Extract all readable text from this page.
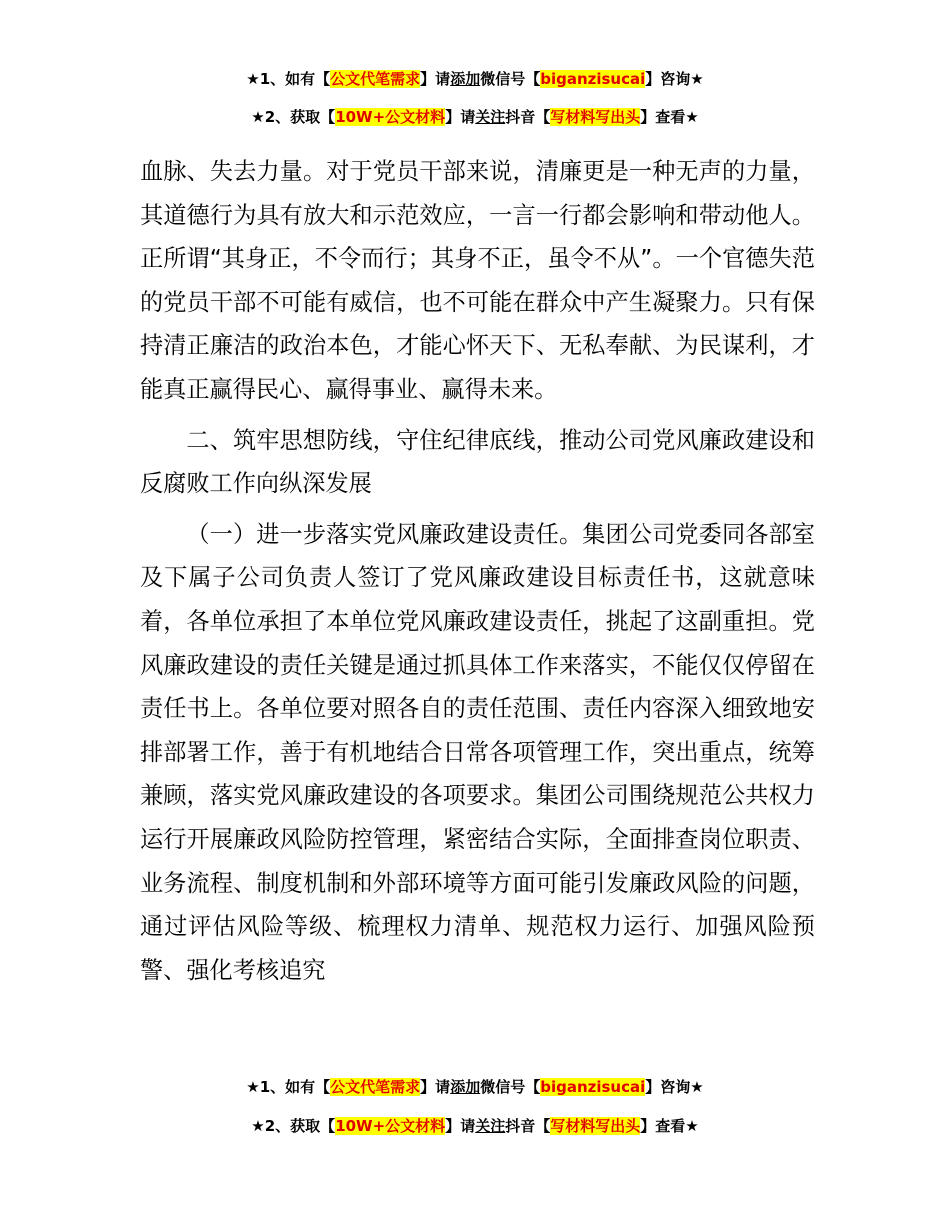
★1、如有【公文代笔需求】请添加微信号【biganzisucai】咨询★
★2、获取【10W+公文材料】请关注抖音【写材料写出头】查看★

血脉、失去力量。对于党员干部来说，清廉更是一种无声的力量，其道德行为具有放大和示范效应，一言一行都会影响和带动他人。正所谓“其身正，不令而行；其身不正，虽令不从”。一个官德失范的党员干部不可能有威信，也不可能在群众中产生凝聚力。只有保持清正廉洁的政治本色，才能心怀天下、无私奉献、为民谋利，才能真正赢得民心、赢得事业、赢得未来。

二、筑牢思想防线，守住纪律底线，推动公司党风廉政建设和反腐败工作向纵深发展

（一）进一步落实党风廉政建设责任。集团公司党委同各部室及下属子公司负责人签订了党风廉政建设目标责任书，这就意味着，各单位承担了本单位党风廉政建设责任，挑起了这副重担。党风廉政建设的责任关键是通过抓具体工作来落实，不能仅仅停留在责任书上。各单位要对照各自的责任范围、责任内容深入细致地安排部署工作，善于有机地结合日常各项管理工作，突出重点，统筹兼顾，落实党风廉政建设的各项要求。集团公司围绕规范公共权力运行开展廉政风险防控管理，紧密结合实际，全面排查岗位职责、业务流程、制度机制和外部环境等方面可能引发廉政风险的问题，通过评估风险等级、梳理权力清单、规范权力运行、加强风险预警、强化考核追究

★1、如有【公文代笔需求】请添加微信号【biganzisucai】咨询★
★2、获取【10W+公文材料】请关注抖音【写材料写出头】查看★
